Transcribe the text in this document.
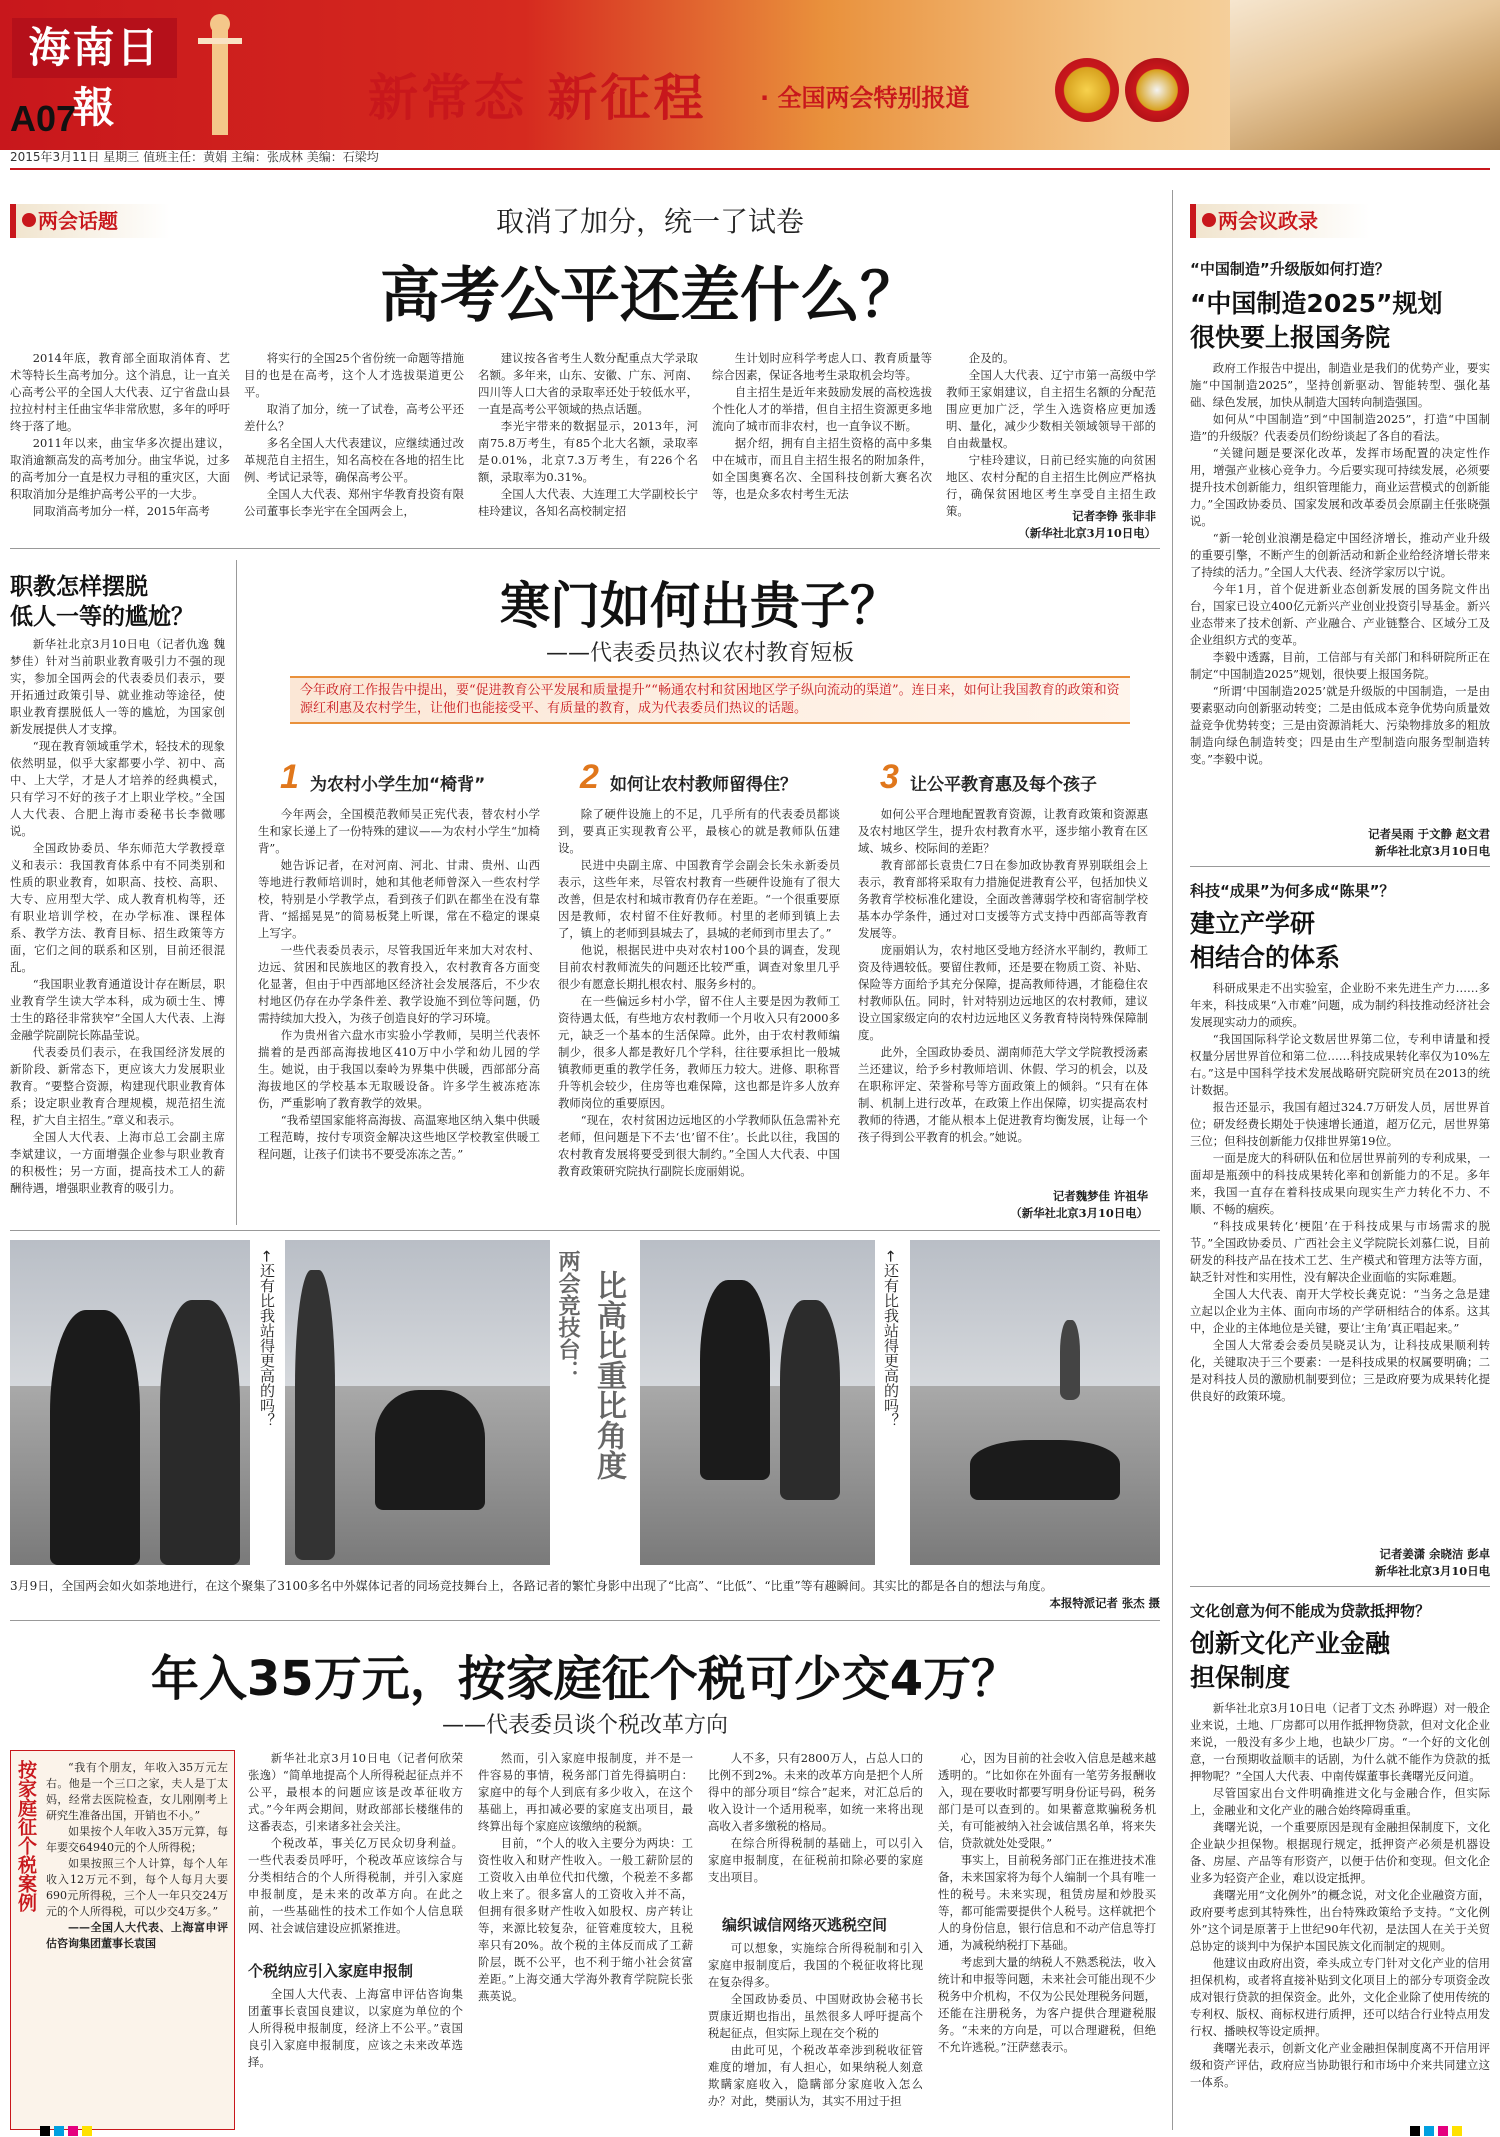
海南日報
A07	新常态 新征程 · 全国两会特别报道
2015年3月11日 星期三 值班主任：黄娟 主编：张成林 美编：石梁均
两会话题	取消了加分，统一了试卷
高考公平还差什么？

2014年底，教育部全面取消体育、艺术等特长生高考加分。这个消息，让一直关心高考公平的全国人大代表、辽宁省盘山县拉拉村村主任曲宝华非常欣慰，多年的呼吁终于落了地。

2011年以来，曲宝华多次提出建议，取消逾额高发的高考加分。曲宝华说，过多的高考加分一直是权力寻租的重灾区，大面积取消加分是维护高考公平的一大步。

同取消高考加分一样，2015年高考

将实行的全国25个省份统一命题等措施目的也是在高考，这个人才选拔渠道更公平。

取消了加分，统一了试卷，高考公平还差什么？

多名全国人大代表建议，应继续通过改革规范自主招生，知名高校在各地的招生比例、考试记录等，确保高考公平。

全国人大代表、郑州宇华教育投资有限公司董事长李光宇在全国两会上，

建议按各省考生人数分配重点大学录取名额。多年来，山东、安徽、广东、河南、四川等人口大省的录取率还处于较低水平，一直是高考公平领域的热点话题。

李光宇带来的数据显示，2013年，河南75.8万考生，有85个北大名额，录取率是0.01%，北京7.3万考生，有226个名额，录取率为0.31%。

全国人大代表、大连理工大学副校长宁桂玲建议，各知名高校制定招

生计划时应科学考虑人口、教育质量等综合因素，保证各地考生录取机会均等。

自主招生是近年来鼓励发展的高校选拔个性化人才的举措，但自主招生资源更多地流向了城市而非农村，也一直争议不断。

据介绍，拥有自主招生资格的高中多集中在城市，而且自主招生报名的附加条件，如全国奥赛名次、全国科技创新大赛名次等，也是众多农村考生无法

企及的。

全国人大代表、辽宁市第一高级中学教师王家娟建议，自主招生名额的分配范围应更加广泛，学生入选资格应更加透明、量化，减少少数相关领域领导干部的自由裁量权。

宁桂玲建议，日前已经实施的向贫困地区、农村分配的自主招生比例应严格执行，确保贫困地区考生享受自主招生政策。	记者李铮 张非非
（新华社北京3月10日电）
职教怎样摆脱
低人一等的尴尬？

新华社北京3月10日电（记者仇逸 魏梦佳）针对当前职业教育吸引力不强的现实，参加全国两会的代表委员们表示，要开拓通过政策引导、就业推动等途径，使职业教育摆脱低人一等的尴尬，为国家创新发展提供人才支撑。

“现在教育领域重学术，轻技术的现象依然明显，似乎大家都要小学、初中、高中、上大学，才是人才培养的经典模式，只有学习不好的孩子才上职业学校。”全国人大代表、合肥上海市委秘书长李微哪说。

全国政协委员、华东师范大学教授章义和表示：我国教育体系中有不同类别和性质的职业教育，如职高、技校、高职、大专、应用型大学、成人教育机构等，还有职业培训学校，在办学标准、课程体系、教学方法、教育目标、招生政策等方面，它们之间的联系和区别，目前还很混乱。

“我国职业教育通道设计存在断层，职业教育学生读大学本科，成为硕士生、博士生的路径非常狭窄”全国人大代表、上海金融学院副院长陈晶莹说。

代表委员们表示，在我国经济发展的新阶段、新常态下，更应该大力发展职业教育。“要整合资源，构建现代职业教育体系；设定职业教育合理规模，规范招生流程，扩大自主招生。”章义和表示。

全国人大代表、上海市总工会副主席李斌建议，一方面增强企业参与职业教育的积极性；另一方面，提高技术工人的薪酬待遇，增强职业教育的吸引力。

寒门如何出贵子？
——代表委员热议农村教育短板
今年政府工作报告中提出，要“促进教育公平发展和质量提升”“畅通农村和贫困地区学子纵向流动的渠道”。连日来，如何让我国教育的政策和资源红利惠及农村学生，让他们也能接受平、有质量的教育，成为代表委员们热议的话题。
1 为农村小学生加“椅背”

今年两会，全国模范教师吴正宪代表，替农村小学生和家长递上了一份特殊的建议——为农村小学生“加椅背”。

她告诉记者，在对河南、河北、甘肃、贵州、山西等地进行教师培训时，她和其他老师曾深入一些农村学校，特别是小学教学点，看到孩子们趴在都坐在没有靠背、“摇摇晃晃”的简易板凳上听课，常在不稳定的课桌上写字。

一些代表委员表示，尽管我国近年来加大对农村、边远、贫困和民族地区的教育投入，农村教育各方面变化显著，但由于中西部地区经济社会发展落后，不少农村地区仍存在办学条件差、教学设施不到位等问题，仍需持续加大投入，为孩子创造良好的学习环境。

作为贵州省六盘水市实验小学教师，吴明兰代表怀揣着的是西部高海拔地区410万中小学和幼儿园的学生。她说，由于我国以秦岭为界集中供暖，西部部分高海拔地区的学校基本无取暖设备。许多学生被冻疮冻伤，严重影响了教育教学的效果。

“我希望国家能将高海拔、高温寒地区纳入集中供暖工程范畴，按付专项资金解决这些地区学校教室供暖工程问题，让孩子们读书不要受冻冻之苦。”

2 如何让农村教师留得住？

除了硬件设施上的不足，几乎所有的代表委员都谈到，要真正实现教育公平，最核心的就是教师队伍建设。

民进中央副主席、中国教育学会副会长朱永新委员表示，这些年来，尽管农村教育一些硬件设施有了很大改善，但是农村和城市教育仍存在差距。“一个很重要原因是教师，农村留不住好教师。村里的老师到镇上去了，镇上的老师到县城去了，县城的老师到市里去了。”

他说，根据民进中央对农村100个县的调查，发现目前农村教师流失的问题还比较严重，调查对象里几乎很少有愿意长期扎根农村、服务乡村的。

在一些偏远乡村小学，留不住人主要是因为教师工资待遇太低，有些地方农村教师一个月收入只有2000多元，缺乏一个基本的生活保障。此外，由于农村教师编制少，很多人都是教好几个学科，往往要承担比一般城镇教师更重的教学任务，教师压力较大。进修、职称晋升等机会较少，住房等也难保障，这也都是许多人放弃教师岗位的重要原因。

“现在，农村贫困边远地区的小学教师队伍急需补充老师，但问题是下不去‘也’留不住’。长此以往，我国的农村教育发展将要受到很大制约。”全国人大代表、中国教育政策研究院执行副院长庞丽娟说。

3 让公平教育惠及每个孩子

如何公平合理地配置教育资源，让教育政策和资源惠及农村地区学生，提升农村教育水平，逐步缩小教育在区域、城乡、校际间的差距？

教育部部长袁贵仁7日在参加政协教育界别联组会上表示，教育部将采取有力措施促进教育公平，包括加快义务教育学校标准化建设，全面改善薄弱学校和寄宿制学校基本办学条件，通过对口支援等方式支持中西部高等教育发展等。

庞丽娟认为，农村地区受地方经济水平制约，教师工资及待遇较低。要留住教师，还是要在物质工资、补贴、保险等方面给予其充分保障，提高教师待遇，才能稳住农村教师队伍。同时，针对特别边远地区的农村教师，建议设立国家级定向的农村边远地区义务教育特岗特殊保障制度。

此外，全国政协委员、湖南师范大学文学院教授汤素兰还建议，给予乡村教师培训、休假、学习的机会，以及在职称评定、荣誉称号等方面政策上的倾斜。“只有在体制、机制上进行改革，在政策上作出保障，切实提高农村教师的待遇，才能从根本上促进教育均衡发展，让每一个孩子得到公平教育的机会。”她说。

记者魏梦佳 许祖华
（新华社北京3月10日电）
←还有比我站得更高的吗？	两会竞技台： 比高比重比角度	←还有比我站得更高的吗？
3月9日，全国两会如火如荼地进行，在这个聚集了3100多名中外媒体记者的同场竞技舞台上，各路记者的繁忙身影中出现了“比高”、“比低”、“比重”等有趣瞬间。其实比的都是各自的想法与角度。
本报特派记者 张杰 摄
年入35万元，按家庭征个税可少交4万？
——代表委员谈个税改革方向
按家庭征个税案例	“我有个朋友，年收入35万元左右。他是一个三口之家，夫人是丁太妈，经常去医院检查，女儿刚刚考上研究生准备出国，开销也不小。”

如果按个人年收入35万元算，每年要交64940元的个人所得税；

如果按照三个人计算，每个人年收入12万元不到，每个人每月大要690元所得税，三个人一年只交24万元的个人所得税，可以少交4万多。”

——全国人大代表、上海富申评估咨询集团董事长袁国

新华社北京3月10日电（记者何欣荣 张逸）“简单地提高个人所得税起征点并不公平，最根本的问题应该是改革征收方式。”今年两会期间，财政部部长楼继伟的这番表态，引来诸多社会关注。

个税改革，事关亿万民众切身利益。一些代表委员呼吁，个税改革应该综合与分类相结合的个人所得税制，并引入家庭申报制度，是未来的改革方向。在此之前，一些基础性的技术工作如个人信息联网、社会诚信建设应抓紧推进。

个税纳应引入家庭申报制

全国人大代表、上海富申评估咨询集团董事长袁国良建议，以家庭为单位的个人所得税申报制度，经济上不公平。”袁国良引入家庭申报制度，应该之未来改革选择。

然而，引入家庭申报制度，并不是一件容易的事情，税务部门首先得搞明白：家庭中的每个人到底有多少收入，在这个基础上，再扣减必要的家庭支出项目，最终算出每个家庭应该缴纳的税额。

目前，“个人的收入主要分为两块：工资性收入和财产性收入。一般工薪阶层的工资收入由单位代扣代缴，个税差不多都收上来了。很多富人的工资收入并不高，但拥有很多财产性收入如股权、房产转让等，来源比较复杂，征管难度较大，且税率只有20%。故个税的主体反而成了工薪阶层，既不公平，也不利于缩小社会贫富差距。”上海交通大学海外教育学院院长张燕英说。

人不多，只有2800万人，占总人口的比例不到2%。未来的改革方向是把个人所得中的部分项目“综合”起来，对汇总后的收入设计一个适用税率，如统一来将出现高收入者多缴税的格局。

在综合所得税制的基础上，可以引入家庭申报制度，在征税前扣除必要的家庭支出项目。

编织诚信网络灭逃税空间

可以想象，实施综合所得税制和引入家庭申报制度后，我国的个税征收将比现在复杂得多。

全国政协委员、中国财政协会秘书长贾康近期也指出，虽然很多人呼吁提高个税起征点，但实际上现在交个税的

由此可见，个税改革牵涉到税收征管难度的增加，有人担心，如果纳税人刻意欺瞒家庭收入，隐瞒部分家庭收入怎么办？对此，樊丽认为，其实不用过于担

心，因为目前的社会收入信息是越来越透明的。“比如你在外面有一笔劳务报酬收入，现在要收时都要写明身份证号码，税务部门是可以查到的。如果蓄意欺骗税务机关，有可能被纳入社会诚信黑名单，将来失信，贷款就处处受限。”

事实上，目前税务部门正在推进技术准备，未来国家将为每个人编制一个具有唯一性的税号。未来实现，租赁房屋和炒股买等，都可能需要提供个人税号。这样就把个人的身份信息，银行信息和不动产信息等打通，为减税纳税打下基础。

考虑到大量的纳税人不熟悉税法，收入统计和申报等问题，未来社会可能出现不少税务中介机构，不仅为公民处理税务问题，还能在注册税务，为客户提供合理避税服务。“未来的方向是，可以合理避税，但绝不允许逃税。”汪萨慈表示。

两会议政录
“中国制造”升级版如何打造？
“中国制造2025”规划
很快要上报国务院

政府工作报告中提出，制造业是我们的优势产业，要实施“中国制造2025”，坚持创新驱动、智能转型、强化基础、绿色发展，加快从制造大国转向制造强国。

如何从“中国制造”到“中国制造2025”，打造“中国制造”的升级版？代表委员们纷纷谈起了各自的看法。

“关键问题是要深化改革，发挥市场配置的决定性作用，增强产业核心竞争力。今后要实现可持续发展，必须要提升技术创新能力，组织管理能力，商业运营模式的创新能力。”全国政协委员、国家发展和改革委员会原副主任张晓强说。

“新一轮创业浪潮是稳定中国经济增长，推动产业升级的重要引擎，不断产生的创新活动和新企业给经济增长带来了持续的活力。”全国人大代表、经济学家厉以宁说。

今年1月，首个促进新业态创新发展的国务院文件出台，国家已设立400亿元新兴产业创业投资引导基金。新兴业态带来了技术创新、产业融合、产业链整合、区域分工及企业组织方式的变革。

李毅中透露，目前，工信部与有关部门和科研院所正在制定“中国制造2025”规划，很快要上报国务院。

“所谓‘中国制造2025’就是升级版的中国制造，一是由要素驱动向创新驱动转变；二是由低成本竞争优势向质量效益竞争优势转变；三是由资源消耗大、污染物排放多的粗放制造向绿色制造转变；四是由生产型制造向服务型制造转变。”李毅中说。

记者吴雨 于文静 赵文君
新华社北京3月10日电
科技“成果”为何多成“陈果”？
建立产学研
相结合的体系

科研成果走不出实验室，企业盼不来先进生产力……多年来，科技成果“入市难”问题，成为制约科技推动经济社会发展现实动力的顽疾。

“我国国际科学论文数居世界第二位，专利申请量和授权量分居世界首位和第二位……科技成果转化率仅为10%左右。”这是中国科学技术发展战略研究院研究员在2013的统计数据。

报告还显示，我国有超过324.7万研发人员，居世界首位；研发经费长期处于快速增长通道，超万亿元，居世界第三位；但科技创新能力仅排世界第19位。

一面是庞大的科研队伍和位居世界前列的专利成果，一面却是瓶颈中的科技成果转化率和创新能力的不足。多年来，我国一直存在着科技成果向现实生产力转化不力、不顺、不畅的痼疾。

“科技成果转化‘梗阻’在于科技成果与市场需求的脱节。”全国政协委员、广西社会主义学院院长刘慕仁说，目前研发的科技产品在技术工艺、生产模式和管理方法等方面，缺乏针对性和实用性，没有解决企业面临的实际难题。

全国人大代表、南开大学校长龚克说：“当务之急是建立起以企业为主体、面向市场的产学研相结合的体系。这其中，企业的主体地位是关键，要让‘主角’真正唱起来。”

全国人大常委会委员吴晓灵认为，让科技成果顺利转化，关键取决于三个要素：一是科技成果的权属要明确；二是对科技人员的激励机制要到位；三是政府要为成果转化提供良好的政策环境。

记者姜潇 余晓洁 彭卓
新华社北京3月10日电
文化创意为何不能成为贷款抵押物？
创新文化产业金融
担保制度

新华社北京3月10日电（记者丁文杰 孙晔遐）对一般企业来说，土地、厂房都可以用作抵押物贷款，但对文化企业来说，一般没有多少上地，也缺少厂房。“一个好的文化创意，一台预期收益顺丰的话剧，为什么就不能作为贷款的抵押物呢？”全国人大代表、中南传媒董事长龚曙光反问道。

尽管国家出台文件明确推进文化与金融合作，但实际上，金融业和文化产业的融合始终障碍重重。

龚曙光说，一个重要原因是现有金融担保制度下，文化企业缺少担保物。根据现行规定，抵押资产必须是机器设备、房屋、产品等有形资产，以便于估价和变现。但文化企业多为轻资产企业，难以设定抵押。

龚曙光用“文化例外”的概念说，对文化企业融资方面，政府要考虑到其特殊性，出台特殊政策给予支持。“文化例外”这个词是原著于上世纪90年代初，是法国人在关于关贸总协定的谈判中为保护本国民族文化而制定的规则。

他建议由政府出资，牵头成立专门针对文化产业的信用担保机构，或者将直接补贴到文化项目上的部分专项资金改成对银行贷款的担保资金。此外，文化企业除了使用传统的专利权、版权、商标权进行质押，还可以结合行业特点用发行权、播映权等设定质押。

龚曙光表示，创新文化产业金融担保制度离不开信用评级和资产评估，政府应当协助银行和市场中介来共同建立这一体系。
